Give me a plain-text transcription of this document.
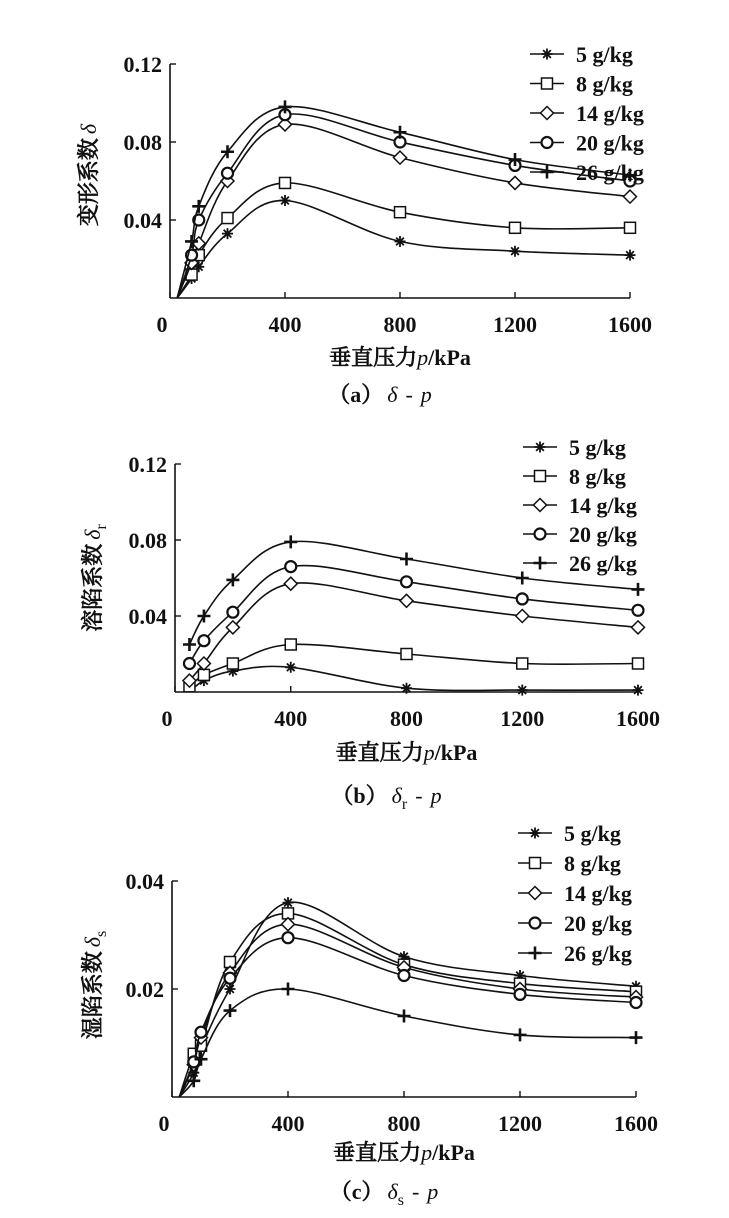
0	400	800	1200	1600
0.04
0.08
0.12
变形系数δ
垂直压力p/kPa
（a） δ - p
5 g/kg
8 g/kg
14 g/kg
20 g/kg
26 g/kg
0	400	800	1200	1600
0.04
0.08
0.12
溶陷系数$\delta_r$
垂直压力p/kPa
（b） $\delta_r$ - p
5 g/kg
8 g/kg
14 g/kg
20 g/kg
26 g/kg
0	400	800	1200	1600
0.02
0.04
湿陷系数$\delta_s$
垂直压力p/kPa
（c） $\delta_s$ - p
5 g/kg
8 g/kg
14 g/kg
20 g/kg
26 g/kg
